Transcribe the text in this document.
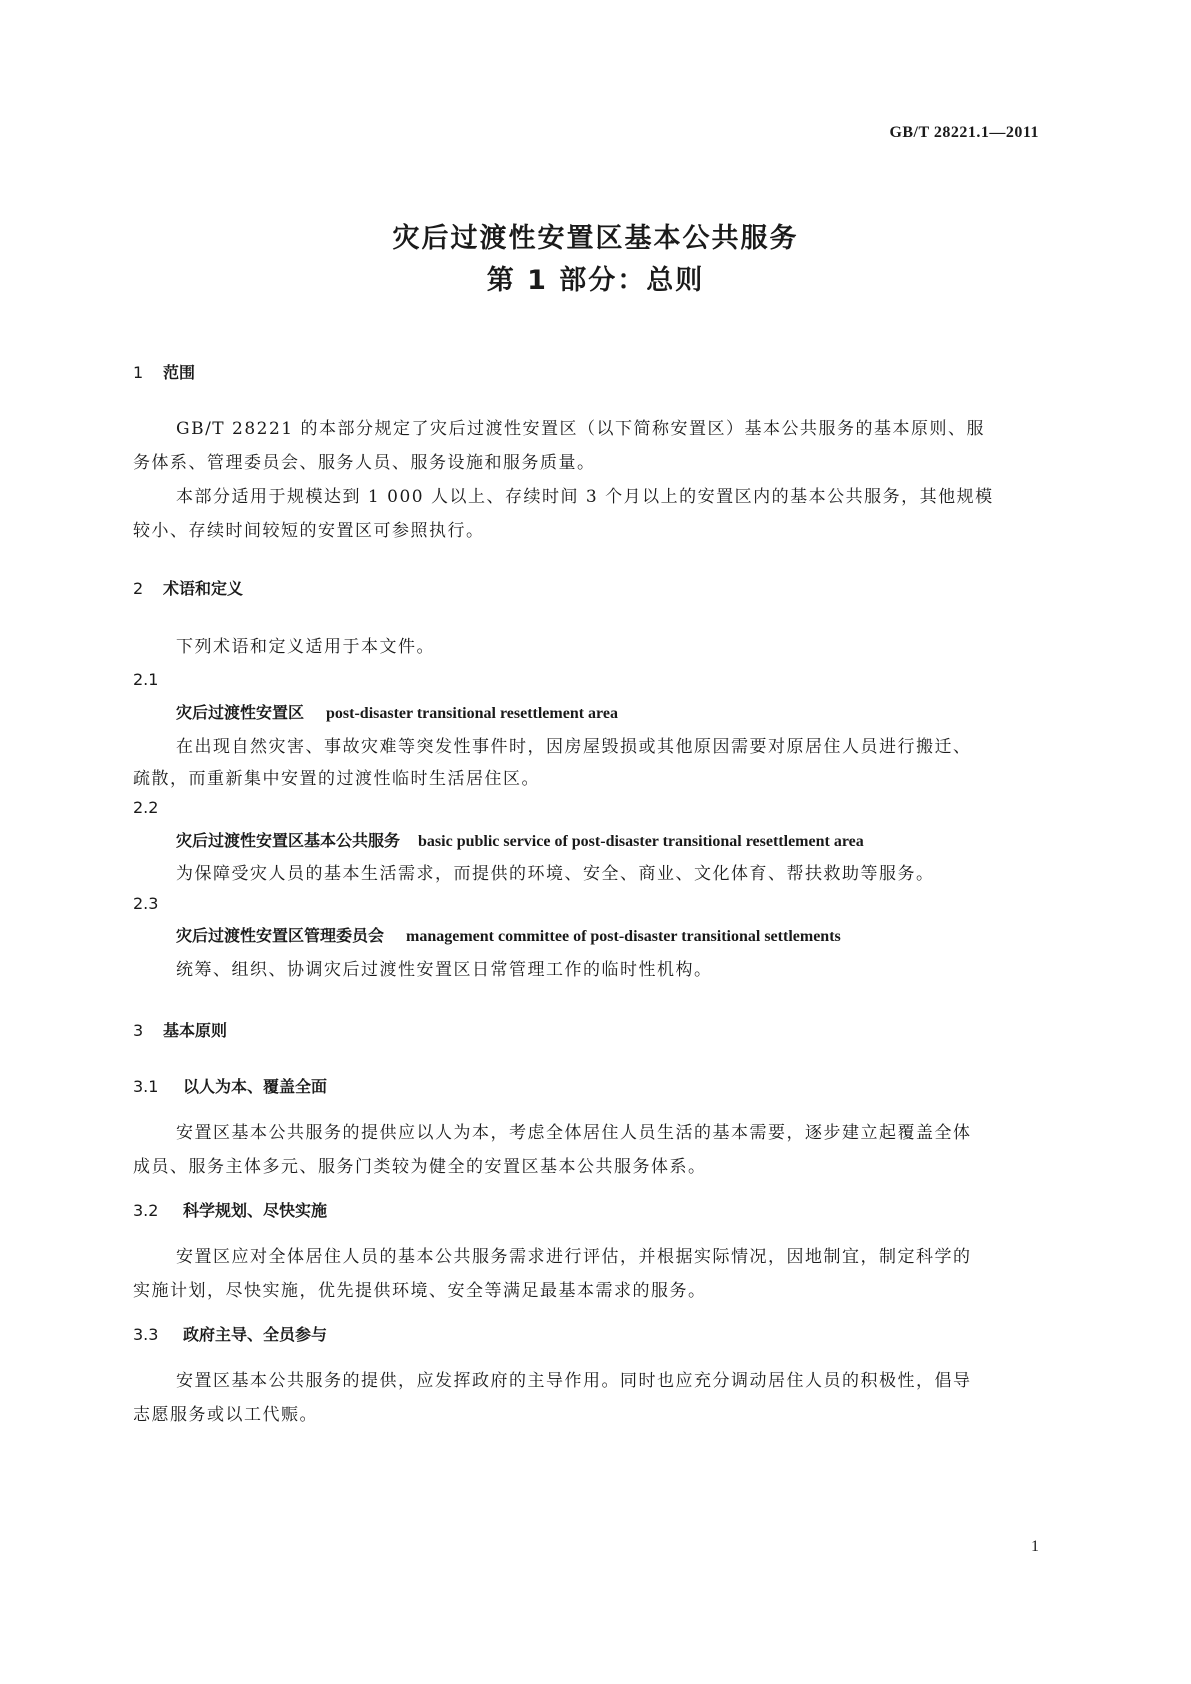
GB/T 28221.1—2011
灾后过渡性安置区基本公共服务
第 1 部分：总则
1 范围
GB/T 28221 的本部分规定了灾后过渡性安置区（以下简称安置区）基本公共服务的基本原则、服
务体系、管理委员会、服务人员、服务设施和服务质量。
本部分适用于规模达到 1 000 人以上、存续时间 3 个月以上的安置区内的基本公共服务，其他规模
较小、存续时间较短的安置区可参照执行。
2 术语和定义
下列术语和定义适用于本文件。
2.1
灾后过渡性安置区 post-disaster transitional resettlement area
在出现自然灾害、事故灾难等突发性事件时，因房屋毁损或其他原因需要对原居住人员进行搬迁、
疏散，而重新集中安置的过渡性临时生活居住区。
2.2
灾后过渡性安置区基本公共服务 basic public service of post-disaster transitional resettlement area
为保障受灾人员的基本生活需求，而提供的环境、安全、商业、文化体育、帮扶救助等服务。
2.3
灾后过渡性安置区管理委员会 management committee of post-disaster transitional settlements
统筹、组织、协调灾后过渡性安置区日常管理工作的临时性机构。
3 基本原则
3.1 以人为本、覆盖全面
安置区基本公共服务的提供应以人为本，考虑全体居住人员生活的基本需要，逐步建立起覆盖全体
成员、服务主体多元、服务门类较为健全的安置区基本公共服务体系。
3.2 科学规划、尽快实施
安置区应对全体居住人员的基本公共服务需求进行评估，并根据实际情况，因地制宜，制定科学的
实施计划，尽快实施，优先提供环境、安全等满足最基本需求的服务。
3.3 政府主导、全员参与
安置区基本公共服务的提供，应发挥政府的主导作用。同时也应充分调动居住人员的积极性，倡导
志愿服务或以工代赈。
1
